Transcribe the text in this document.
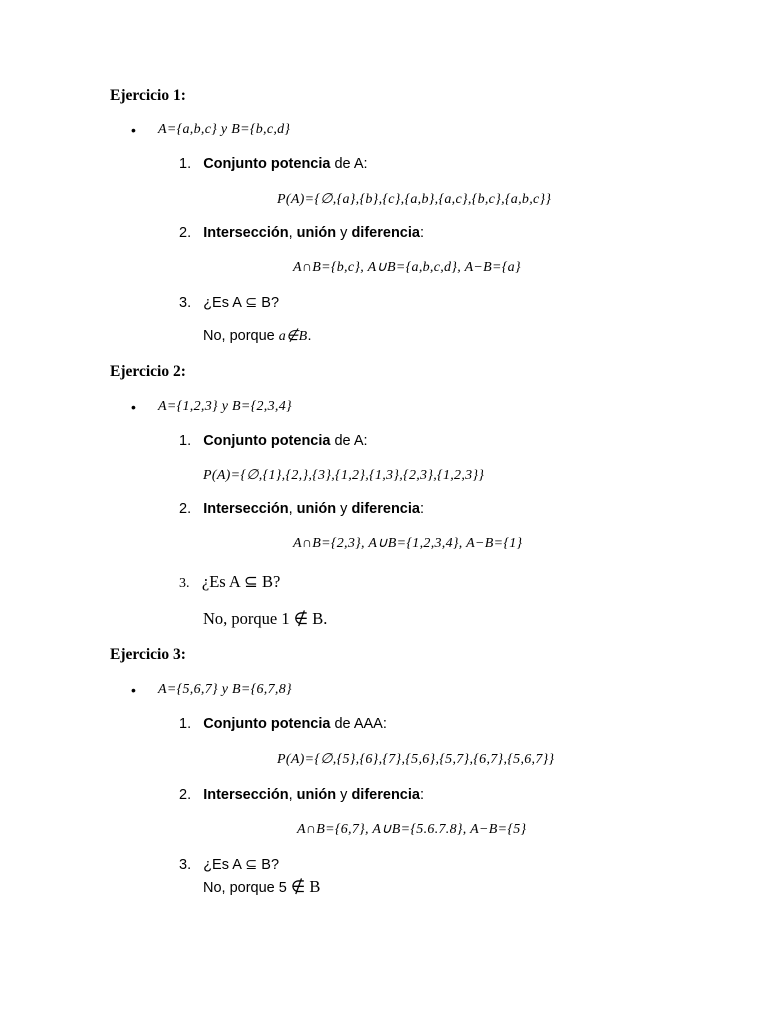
Ejercicio 1:
• A={a,b,c} y B={b,c,d}
1. Conjunto potencia de A:
P(A)={∅,{a},{b},{c},{a,b},{a,c},{b,c},{a,b,c}}
2. Intersección, unión y diferencia:
A∩B={b,c}, A∪B={a,b,c,d}, A−B={a}
3. ¿Es A ⊆ B?
No, porque a∉B.
Ejercicio 2:
• A={1,2,3} y B={2,3,4}
1. Conjunto potencia de A:
P(A)={∅,{1},{2,},{3},{1,2},{1,3},{2,3},{1,2,3}}
2. Intersección, unión y diferencia:
A∩B={2,3}, A∪B={1,2,3,4}, A−B={1}
3. ¿Es A ⊆ B?
No, porque 1 ∉ B.
Ejercicio 3:
• A={5,6,7} y B={6,7,8}
1. Conjunto potencia de AAA:
P(A)={∅,{5},{6},{7},{5,6},{5,7},{6,7},{5,6,7}}
2. Intersección, unión y diferencia:
A∩B={6,7}, A∪B={5.6.7.8}, A−B={5}
3. ¿Es A ⊆ B?
No, porque 5 ∉ B
